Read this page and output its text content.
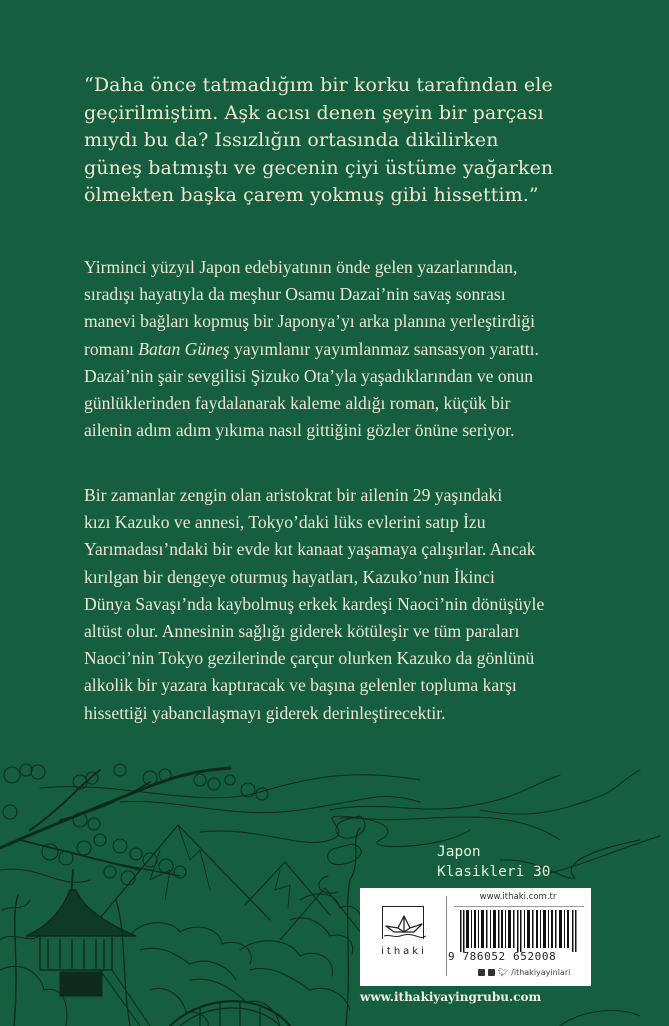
“Daha önce tatmadığım bir korku tarafından ele
geçirilmiştim. Aşk acısı denen şeyin bir parçası
mıydı bu da? Issızlığın ortasında dikilirken
güneş batmıştı ve gecenin çiyi üstüme yağarken
ölmekten başka çarem yokmuş gibi hissettim.”
Yirminci yüzyıl Japon edebiyatının önde gelen yazarlarından,
sıradışı hayatıyla da meşhur Osamu Dazai’nin savaş sonrası
manevi bağları kopmuş bir Japonya’yı arka planına yerleştirdiği
romanı Batan Güneş yayımlanır yayımlanmaz sansasyon yarattı.
Dazai’nin şair sevgilisi Şizuko Ota’yla yaşadıklarından ve onun
günlüklerinden faydalanarak kaleme aldığı roman, küçük bir
ailenin adım adım yıkıma nasıl gittiğini gözler önüne seriyor.
Bir zamanlar zengin olan aristokrat bir ailenin 29 yaşındaki
kızı Kazuko ve annesi, Tokyo’daki lüks evlerini satıp İzu
Yarımadası’ndaki bir evde kıt kanaat yaşamaya çalışırlar. Ancak
kırılgan bir dengeye oturmuş hayatları, Kazuko’nun İkinci
Dünya Savaşı’nda kaybolmuş erkek kardeşi Naoci’nin dönüşüyle
altüst olur. Annesinin sağlığı giderek kötüleşir ve tüm paraları
Naoci’nin Tokyo gezilerinde çarçur olurken Kazuko da gönlünü
alkolik bir yazara kaptıracak ve başına gelenler topluma karşı
hissettiği yabancılaşmayı giderek derinleştirecektir.
Japon
Klasikleri 30
ithaki
www.ithaki.com.tr
9 786052 652008
🐦︎ /ithakiyayinlari
www.ithakiyayingrubu.com
